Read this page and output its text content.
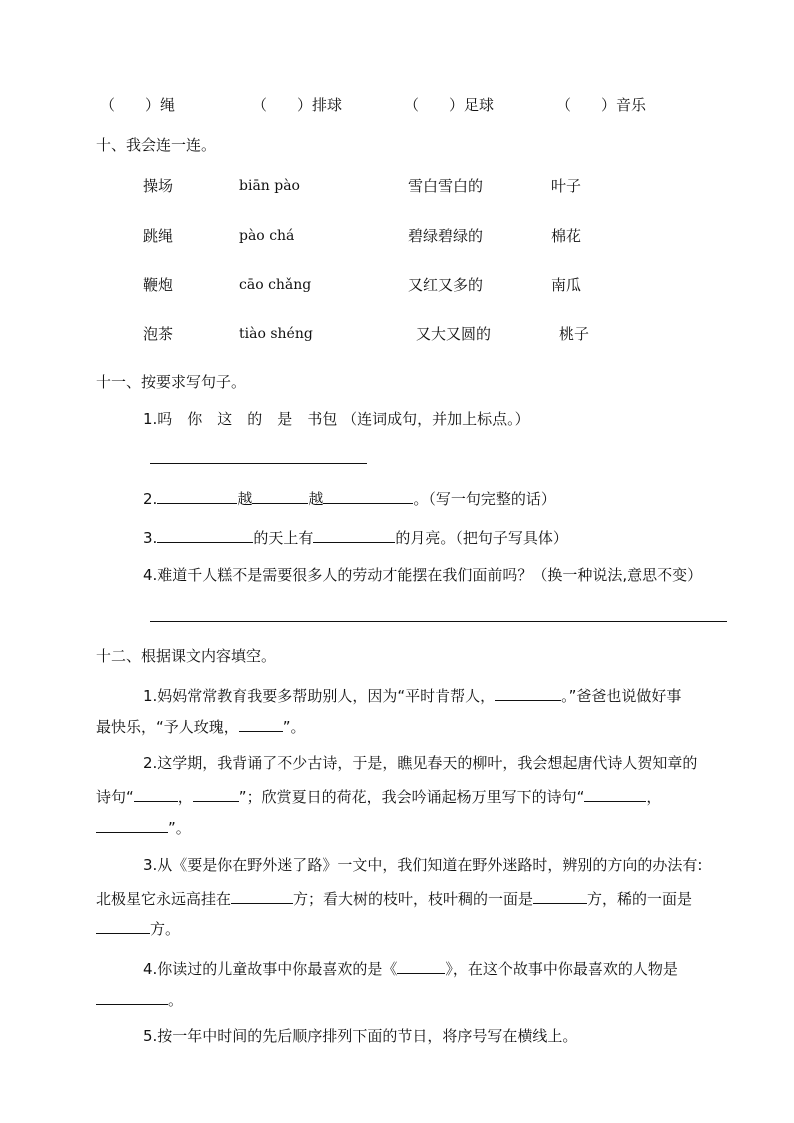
（　　）绳	（　　）排球	（　　）足球	（　　）音乐
十、我会连一连。
操场	biān pào	雪白雪白的	叶子
跳绳	pào chá	碧绿碧绿的	棉花
鞭炮	cāo chǎng	又红又多的	南瓜
泡茶	tiào shéng	又大又圆的	桃子
十一、按要求写句子。
1.吗　你　这　的　是　书包 （连词成句，并加上标点。）
2.	越	越	。（写一句完整的话）
3.	的天上有	的月亮。（把句子写具体）
4.难道千人糕不是需要很多人的劳动才能摆在我们面前吗？（换一种说法,意思不变）
十二、根据课文内容填空。
1.妈妈常常教育我要多帮助别人，因为“平时肯帮人，	。”爸爸也说做好事
最快乐，“予人玫瑰，	”。
2.这学期，我背诵了不少古诗，于是，瞧见春天的柳叶，我会想起唐代诗人贺知章的
诗句“	，	”；欣赏夏日的荷花，我会吟诵起杨万里写下的诗句“	，
”。
3.从《要是你在野外迷了路》一文中，我们知道在野外迷路时，辨别的方向的办法有:
北极星它永远高挂在	方；看大树的枝叶，枝叶稠的一面是	方，稀的一面是
方。
4.你读过的儿童故事中你最喜欢的是《	》，在这个故事中你最喜欢的人物是
。
5.按一年中时间的先后顺序排列下面的节日，将序号写在横线上。
